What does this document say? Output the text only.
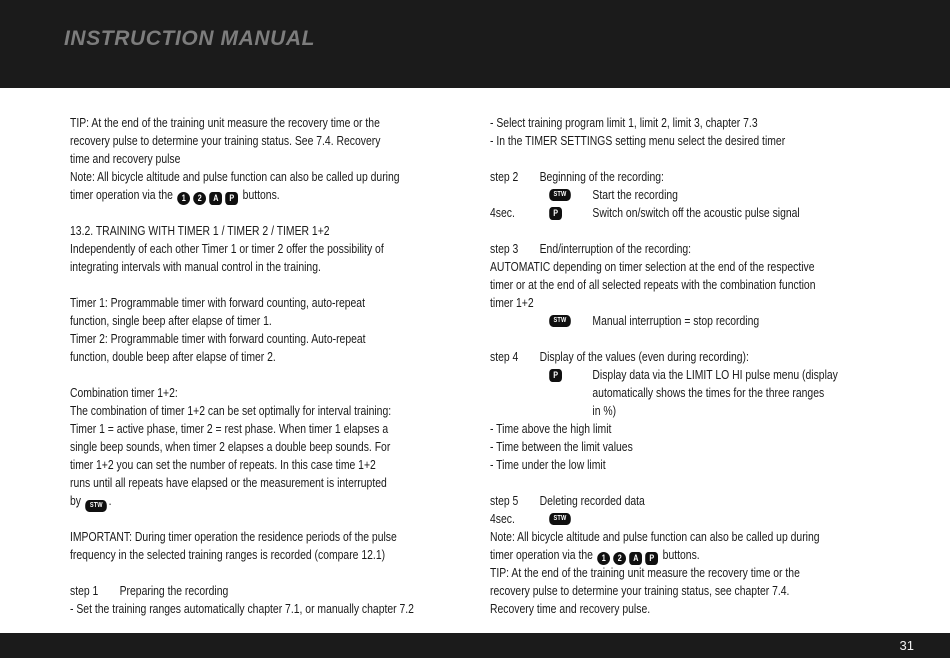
INSTRUCTION MANUAL
TIP: At the end of the training unit measure the recovery time or the
recovery pulse to determine your training status. See 7.4. Recovery
time and recovery pulse
Note: All bicycle altitude and pulse function can also be called up during
timer operation via the 1 2 A P buttons.
13.2. TRAINING WITH TIMER 1 / TIMER 2 / TIMER 1+2
Independently of each other Timer 1 or timer 2 offer the possibility of
integrating intervals with manual control in the training.
Timer 1: Programmable timer with forward counting, auto-repeat
function, single beep after elapse of timer 1.
Timer 2: Programmable timer with forward counting. Auto-repeat
function, double beep after elapse of timer 2.
Combination timer 1+2:
The combination of timer 1+2 can be set optimally for interval training:
Timer 1 = active phase, timer 2 = rest phase. When timer 1 elapses a
single beep sounds, when timer 2 elapses a double beep sounds. For
timer 1+2 you can set the number of repeats. In this case time 1+2
runs until all repeats have elapsed or the measurement is interrupted
by STW .
IMPORTANT: During timer operation the residence periods of the pulse
frequency in the selected training ranges is recorded (compare 12.1)
step 1	Preparing the recording
- Set the training ranges automatically chapter 7.1, or manually chapter 7.2
- Select training program limit 1, limit 2, limit 3, chapter 7.3
- In the TIMER SETTINGS setting menu select the desired timer
step 2	Beginning of the recording:
STW	Start the recording
4sec.	P	Switch on/switch off the acoustic pulse signal
step 3	End/interruption of the recording:
AUTOMATIC depending on timer selection at the end of the respective
timer or at the end of all selected repeats with the combination function
timer 1+2
STW	Manual interruption = stop recording
step 4	Display of the values (even during recording):
P	Display data via the LIMIT LO HI pulse menu (display
automatically shows the times for the three ranges
in %)
- Time above the high limit
- Time between the limit values
- Time under the low limit
step 5	Deleting recorded data
4sec.	STW
Note: All bicycle altitude and pulse function can also be called up during
timer operation via the 1 2 A P buttons.
TIP: At the end of the training unit measure the recovery time or the
recovery pulse to determine your training status, see chapter 7.4.
Recovery time and recovery pulse.
31
